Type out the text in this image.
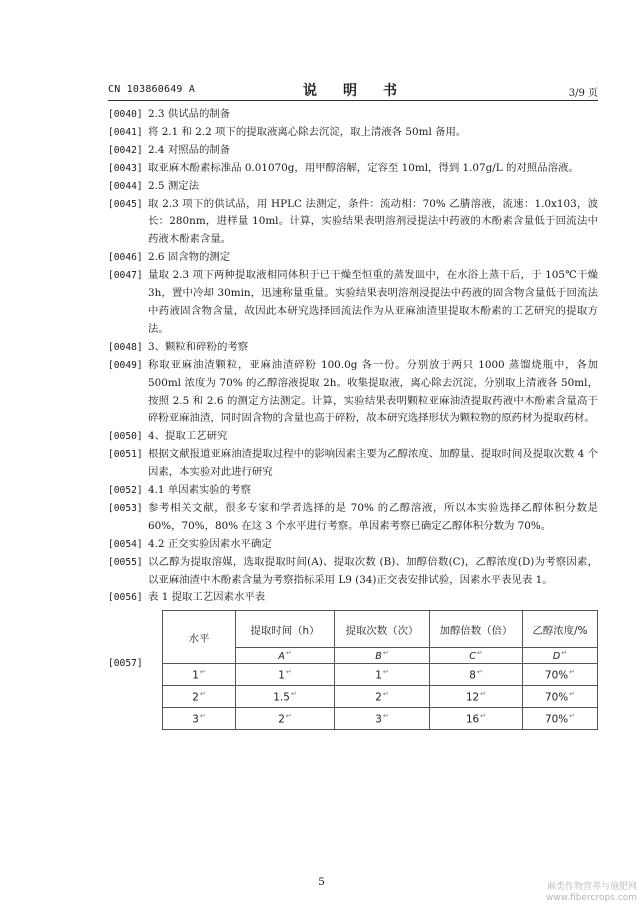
CN 103860649 A	说　明　书	3/9 页
[0040] 2.3 供试品的制备
[0041] 将 2.1 和 2.2 项下的提取液离心除去沉淀，取上清液各 50ml 备用。
[0042] 2.4 对照品的制备
[0043] 取亚麻木酚素标准品 0.01070g，用甲醇溶解，定容至 10ml，得到 1.07g/L 的对照品溶液。
[0044] 2.5 测定法
[0045] 取 2.3 项下的供试品，用 HPLC 法测定，条件：流动相：70% 乙腈溶液，流速：1.0x103，波长：280nm，进样量 10ml。计算，实验结果表明溶剂浸提法中药液的木酚素含量低于回流法中药液木酚素含量。
[0046] 2.6 固含物的测定
[0047] 量取 2.3 项下两种提取液相同体积于已干燥至恒重的蒸发皿中，在水浴上蒸干后，于 105℃干燥 3h，置中冷却 30min，迅速称量重量。实验结果表明溶剂浸提法中药液的固含物含量低于回流法中药液固含物含量，故因此本研究选择回流法作为从亚麻油渣里提取木酚素的工艺研究的提取方法。
[0048] 3、颗粒和碎粉的考察
[0049] 称取亚麻油渣颗粒，亚麻油渣碎粉 100.0g 各一份。分别放于两只 1000 蒸馏烧瓶中，各加 500ml 浓度为 70% 的乙醇溶液提取 2h。收集提取液，离心除去沉淀，分别取上清液各 50ml，按照 2.5 和 2.6 的测定方法测定。计算，实验结果表明颗粒亚麻油渣提取药液中木酚素含量高于碎粉亚麻油渣，同时固含物的含量也高于碎粉，故本研究选择形状为颗粒物的原药材为提取药材。
[0050] 4、提取工艺研究
[0051] 根据文献报道亚麻油渣提取过程中的影响因素主要为乙醇浓度、加醇量、提取时间及提取次数 4 个因素，本实验对此进行研究
[0052] 4.1 单因素实验的考察
[0053] 参考相关文献，很多专家和学者选择的是 70% 的乙醇溶液，所以本实验选择乙醇体积分数是 60%，70%，80% 在这 3 个水平进行考察。单因素考察已确定乙醇体积分数为 70%。
[0054] 4.2 正交实验因素水平确定
[0055] 以乙醇为提取溶媒，选取提取时间(A)、提取次数 (B)、加醇倍数(C)，乙醇浓度(D)为考察因素，以亚麻油渣中木酚素含量为考察指标采用 L9 (34)正交表安排试验，因素水平表见表 1。
[0056] 表 1 提取工艺因素水平表
[0057]
水平	提取时间（h）	提取次数（次）	加醇倍数（倍）	乙醇浓度/%
	A↵	B↵	C↵	D↵
1↵	1↵	1↵	8↵	70%↵
2↵	1.5↵	2↵	12↵	70%↵
3↵	2↵	3↵	16↵	70%↵
5	麻类作物营养与施肥网
www.fibercrops.com
